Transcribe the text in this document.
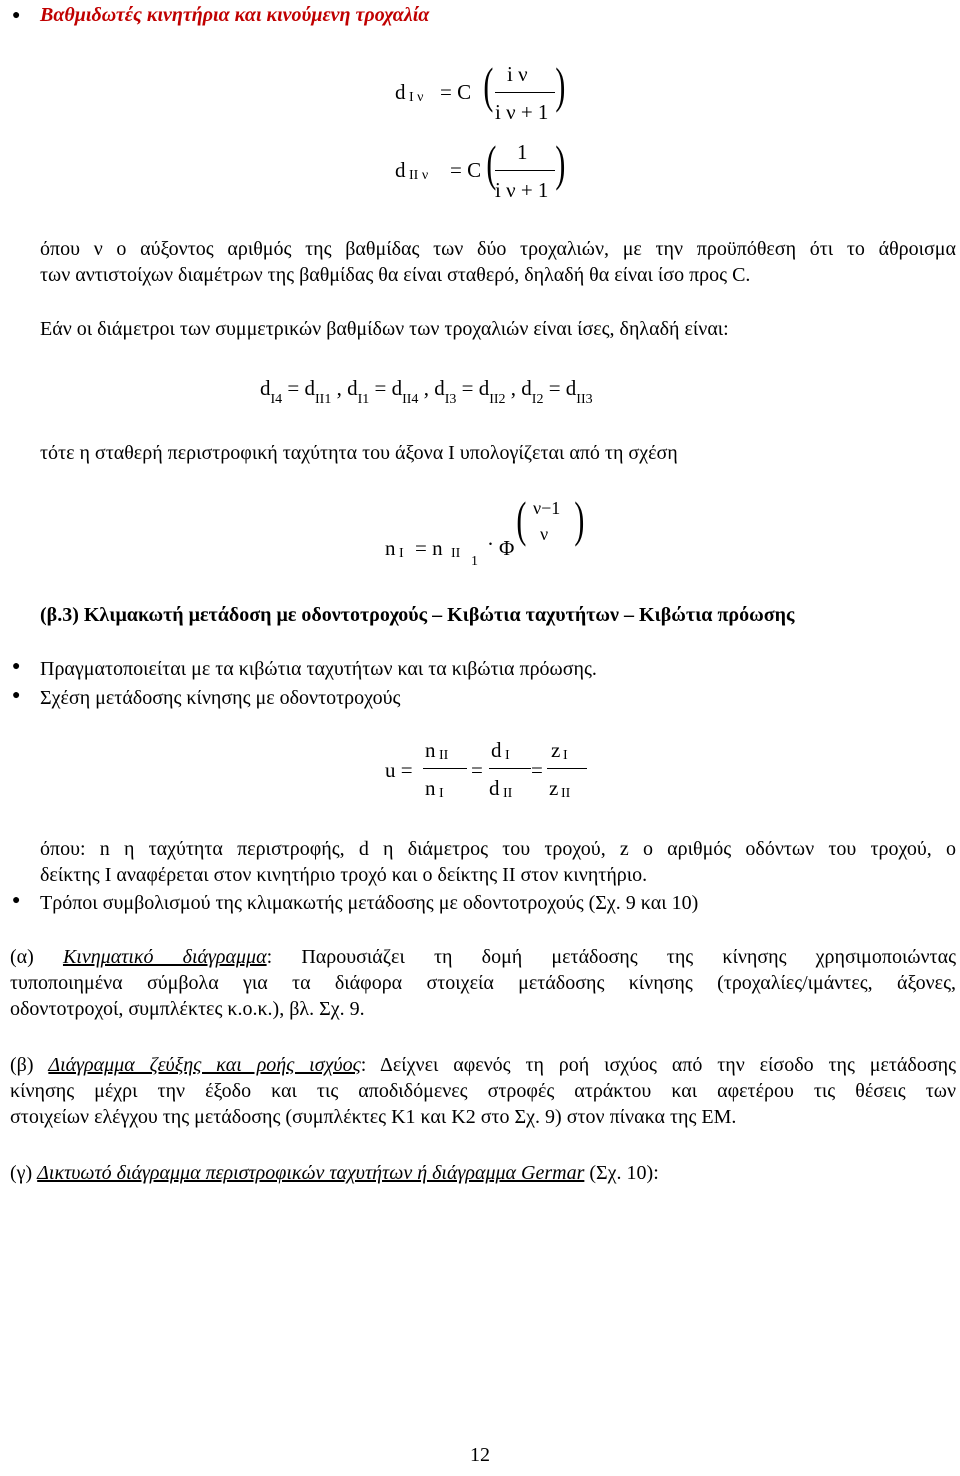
● Βαθμιδωτές κινητήρια και κινούμενη τροχαλία
d Ι ν = C ( i ν
i ν + 1 )
d ΙΙ ν = C ( 1
i ν + 1 )
όπου ν ο αύξοντος αριθμός της βαθμίδας των δύο τροχαλιών, με την προϋπόθεση ότι το άθροισμα
των αντιστοίχων διαμέτρων της βαθμίδας θα είναι σταθερό, δηλαδή θα είναι ίσο προς C.
Εάν οι διάμετροι των συμμετρικών βαθμίδων των τροχαλιών είναι ίσες, δηλαδή είναι:
$d_{I4} = d_{II1}$ , $d_{I1} = d_{II4}$ , $d_{I3} = d_{II2}$ , $d_{I2} = d_{II3}$
τότε η σταθερή περιστροφική ταχύτητα του άξονα Ι υπολογίζεται από τη σχέση
n Ι = n ΙΙ
1
· Φ
( ν−1
ν )
(β.3) Κλιμακωτή μετάδοση με οδοντοτροχούς – Κιβώτια ταχυτήτων – Κιβώτια πρόωσης
● Πραγματοποιείται με τα κιβώτια ταχυτήτων και τα κιβώτια πρόωσης.
● Σχέση μετάδοσης κίνησης με οδοντοτροχούς
u =
n ΙΙ
n Ι
=
d Ι
d ΙΙ
=
z Ι
z ΙΙ
όπου: n η ταχύτητα περιστροφής, d η διάμετρος του τροχού, z ο αριθμός οδόντων του τροχού, ο
δείκτης Ι αναφέρεται στον κινητήριο τροχό και ο δείκτης ΙΙ στον κινητήριο.
● Τρόποι συμβολισμού της κλιμακωτής μετάδοσης με οδοντοτροχούς (Σχ. 9 και 10)
(α) Κινηματικό διάγραμμα: Παρουσιάζει τη δομή μετάδοσης της κίνησης χρησιμοποιώντας
τυποποιημένα σύμβολα για τα διάφορα στοιχεία μετάδοσης κίνησης (τροχαλίες/ιμάντες, άξονες,
οδοντοτροχοί, συμπλέκτες κ.ο.κ.), βλ. Σχ. 9.
(β) Διάγραμμα ζεύξης και ροής ισχύος: Δείχνει αφενός τη ροή ισχύος από την είσοδο της μετάδοσης
κίνησης μέχρι την έξοδο και τις αποδιδόμενες στροφές ατράκτου και αφετέρου τις θέσεις των
στοιχείων ελέγχου της μετάδοσης (συμπλέκτες K1 και K2 στο Σχ. 9) στον πίνακα της ΕΜ.
(γ) Δικτυωτό διάγραμμα περιστροφικών ταχυτήτων ή διάγραμμα Germar (Σχ. 10):
12
